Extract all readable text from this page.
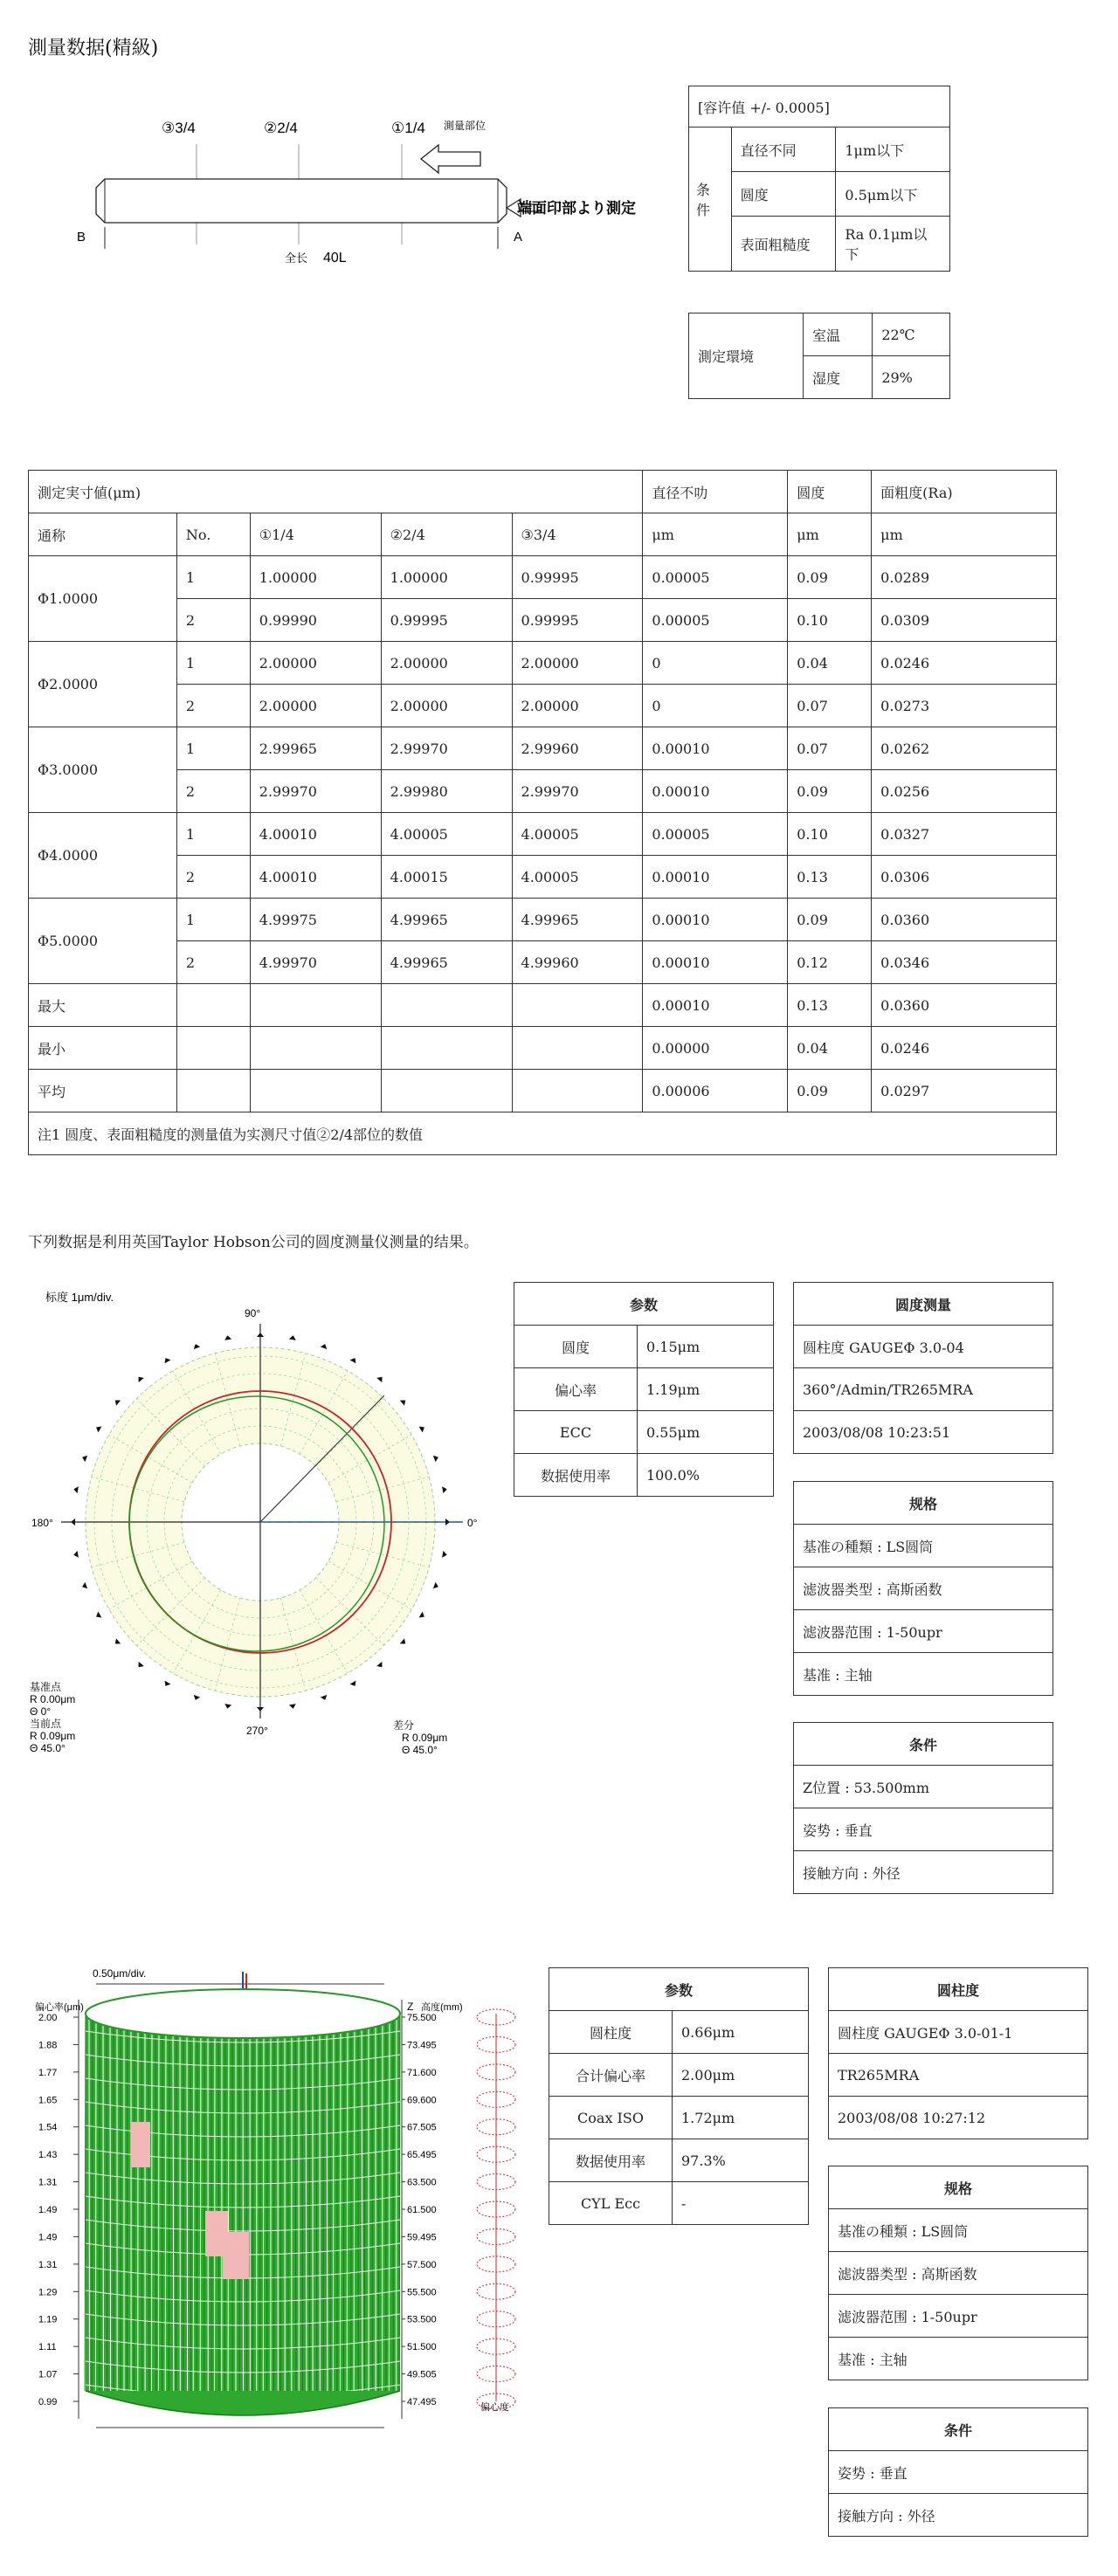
測量数据(精級)
③3/4	②2/4	①1/4 測量部位
端面印部より測定
B	A
全长 40L
[容许值 +/- 0.0005]		
条件	直径不同	1μm以下
	圆度	0.5μm以下
	表面粗糙度	Ra 0.1μm以下
測定環境	室温	22℃
	湿度	29%
測定実寸値(μm)					直径不叻	圆度	面粗度(Ra)
通称	No.	①1/4	②2/4	③3/4	μm	μm	μm
Φ1.0000	1	1.00000	1.00000	0.99995	0.00005	0.09	0.0289
	2	0.99990	0.99995	0.99995	0.00005	0.10	0.0309
Φ2.0000	1	2.00000	2.00000	2.00000	0	0.04	0.0246
	2	2.00000	2.00000	2.00000	0	0.07	0.0273
Φ3.0000	1	2.99965	2.99970	2.99960	0.00010	0.07	0.0262
	2	2.99970	2.99980	2.99970	0.00010	0.09	0.0256
Φ4.0000	1	4.00010	4.00005	4.00005	0.00005	0.10	0.0327
	2	4.00010	4.00015	4.00005	0.00010	0.13	0.0306
Φ5.0000	1	4.99975	4.99965	4.99965	0.00010	0.09	0.0360
	2	4.99970	4.99965	4.99960	0.00010	0.12	0.0346
最大					0.00010	0.13	0.0360
最小					0.00000	0.04	0.0246
平均					0.00006	0.09	0.0297
注1 圆度、表面粗糙度的测量值为实测尺寸值②2/4部位的数值							
下列数据是利用英国Taylor Hobson公司的圆度测量仪测量的结果。
标度 1μm/div.
90°
180°
270°
0°
基准点
R 0.00μm
Θ 0°
当前点
R 0.09μm
Θ 45.0°
差分
R 0.09μm
Θ 45.0°
参数	
圆度	0.15μm
偏心率	1.19μm
ECC	0.55μm
数据使用率	100.0%
圆度测量
圆柱度 GAUGEΦ 3.0-04
360°/Admin/TR265MRA
2003/08/08 10:23:51
规格
基准の種類 : LS圆筒
滤波器类型 : 高斯函数
滤波器范围 : 1-50upr
基准 : 主轴
条件
Z位置 : 53.500mm
姿势 : 垂直
接触方向 : 外径
0.50μm/div.
偏心率(μm)	Z 高度(mm)
偏心度
2.00
1.88
1.77
1.65
1.54
1.43
1.31
1.49
1.49
1.31
1.29
1.19
1.11
1.07
0.99
75.500
73.495
71.600
69.600
67.505
65.495
63.500
61.500
59.495
57.500
55.500
53.500
51.500
49.505
47.495
参数	
圆柱度	0.66μm
合计偏心率	2.00μm
Coax ISO	1.72μm
数据使用率	97.3%
CYL Ecc	-
圆柱度
圆柱度 GAUGEΦ 3.0-01-1
TR265MRA
2003/08/08 10:27:12
规格
基准の種類 : LS圆筒
滤波器类型 : 高斯函数
滤波器范围 : 1-50upr
基准 : 主轴
条件
姿势 : 垂直
接触方向 : 外径
